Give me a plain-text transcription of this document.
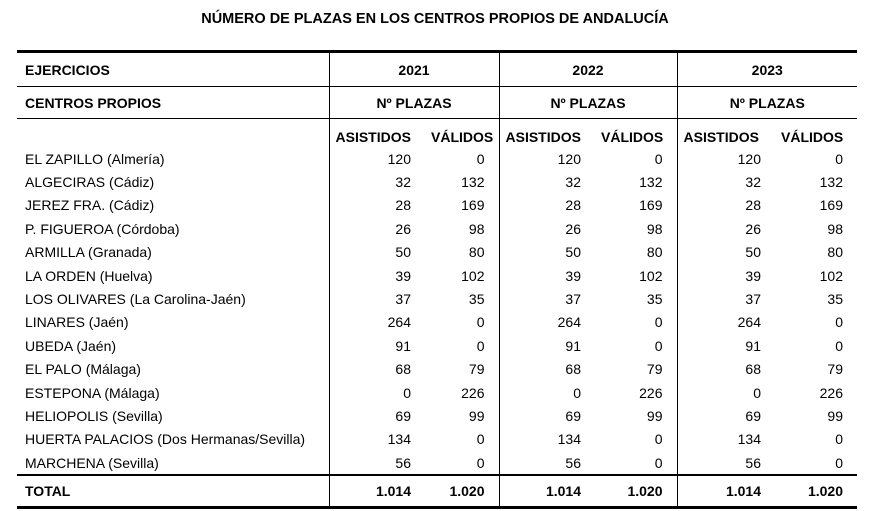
NÚMERO DE PLAZAS EN LOS CENTROS PROPIOS DE ANDALUCÍA
EJERCICIOS	2021		2022		2023	
CENTROS PROPIOS	Nº PLAZAS		Nº PLAZAS		Nº PLAZAS	
	ASISTIDOS	VÁLIDOS	ASISTIDOS	VÁLIDOS	ASISTIDOS	VÁLIDOS
EL ZAPILLO (Almería)	120	0	120	0	120	0
ALGECIRAS (Cádiz)	32	132	32	132	32	132
JEREZ FRA. (Cádiz)	28	169	28	169	28	169
P. FIGUEROA (Córdoba)	26	98	26	98	26	98
ARMILLA (Granada)	50	80	50	80	50	80
LA ORDEN (Huelva)	39	102	39	102	39	102
LOS OLIVARES (La Carolina-Jaén)	37	35	37	35	37	35
LINARES (Jaén)	264	0	264	0	264	0
UBEDA (Jaén)	91	0	91	0	91	0
EL PALO (Málaga)	68	79	68	79	68	79
ESTEPONA (Málaga)	0	226	0	226	0	226
HELIOPOLIS (Sevilla)	69	99	69	99	69	99
HUERTA PALACIOS (Dos Hermanas/Sevilla)	134	0	134	0	134	0
MARCHENA (Sevilla)	56	0	56	0	56	0
TOTAL	1.014	1.020	1.014	1.020	1.014	1.020
